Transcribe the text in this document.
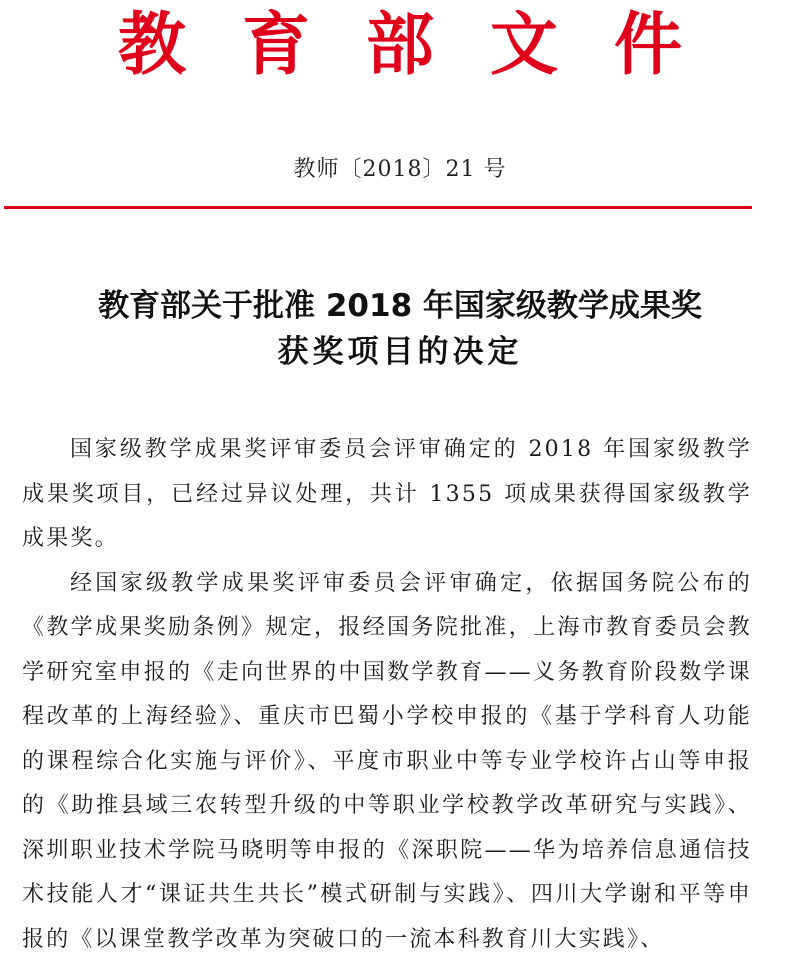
教育部文件
教师〔2018〕21 号
教育部关于批准 2018 年国家级教学成果奖
获奖项目的决定

国家级教学成果奖评审委员会评审确定的 2018 年国家级教学成果奖项目，已经过异议处理，共计 1355 项成果获得国家级教学成果奖。

经国家级教学成果奖评审委员会评审确定，依据国务院公布的《教学成果奖励条例》规定，报经国务院批准，上海市教育委员会教学研究室申报的《走向世界的中国数学教育——义务教育阶段数学课程改革的上海经验》、重庆市巴蜀小学校申报的《基于学科育人功能的课程综合化实施与评价》、平度市职业中等专业学校许占山等申报的《助推县域三农转型升级的中等职业学校教学改革研究与实践》、深圳职业技术学院马晓明等申报的《深职院——华为培养信息通信技术技能人才“课证共生共长”模式研制与实践》、四川大学谢和平等申报的《以课堂教学改革为突破口的一流本科教育川大实践》、
